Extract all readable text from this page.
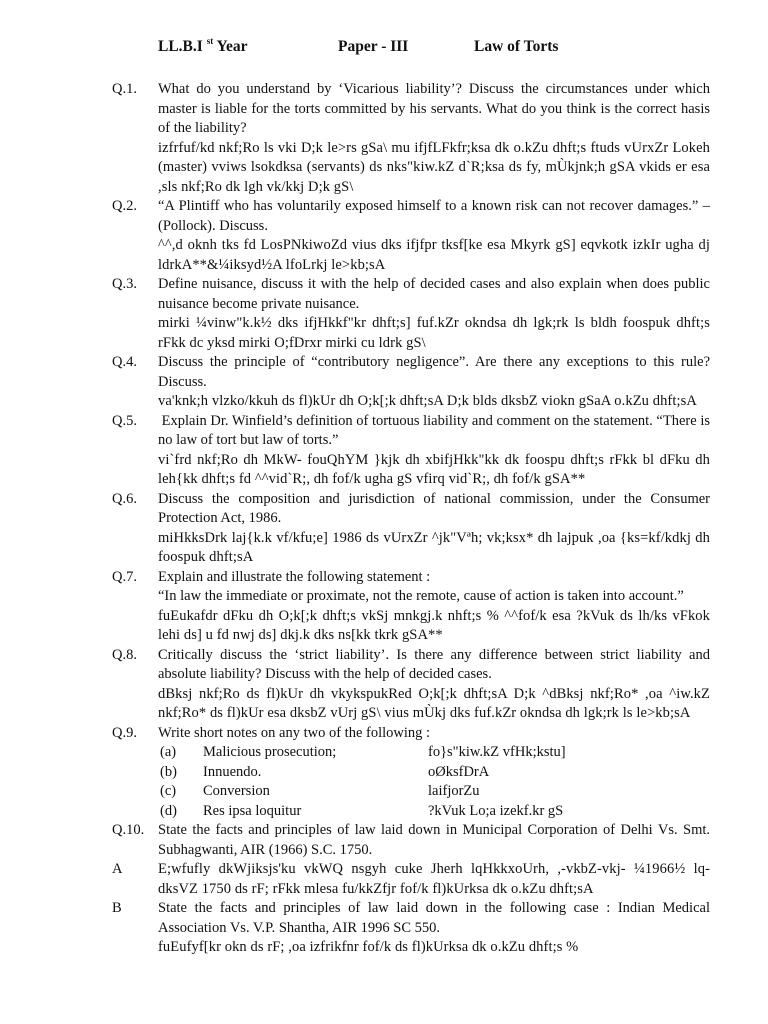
LL.B.I $^{st}$ Year	Paper - III	Law of Torts
Q.1. What do you understand by ‘Vicarious liability’? Discuss the circumstances under which master is liable for the torts committed by his servants. What do you think is the correct hasis of the liability?

izfrfuf/kd nkf;Ro ls vki D;k le>rs gSa\ mu ifjfLFkfr;ksa dk o.kZu dhft;s ftuds vUrxZr Lokeh (master) vviws lsokdksa (servants) ds nks"kiw.kZ d`R;ksa ds fy, mÙkjnk;h gSA vkids er esa ,sls nkf;Ro dk lgh vk/kkj D;k gS\

Q.2. “A Plintiff who has voluntarily exposed himself to a known risk can not recover damages.” – (Pollock). Discuss.

^^,d oknh tks fd LosPNkiwoZd vius dks ifjfpr tksf[ke esa Mkyrk gS] eqvkotk izkIr ugha dj ldrkA**&¼iksyd½A lfoLrkj le>kb;sA

Q.3. Define nuisance, discuss it with the help of decided cases and also explain when does public nuisance become private nuisance.

mirki ¼vinw"k.k½ dks ifjHkkf"kr dhft;s] fuf.kZr okndsa dh lgk;rk ls bldh foospuk dhft;s rFkk dc yksd mirki O;fDrxr mirki cu ldrk gS\

Q.4. Discuss the principle of “contributory negligence”. Are there any exceptions to this rule? Discuss.

va'knk;h vlzko/kkuh ds fl)kUr dh O;k[;k dhft;sA D;k blds dksbZ viokn gSaA o.kZu dhft;sA

Q.5. Explain Dr. Winfield’s definition of tortuous liability and comment on the statement. “There is no law of tort but law of torts.”

vi`frd nkf;Ro dh MkW- fouQhYM }kjk dh xbifjHkk"kk dk foospu dhft;s rFkk bl dFku dh leh{kk dhft;s fd ^^vid`R;, dh fof/k ugha gS vfirq vid`R;, dh fof/k gSA**

Q.6. Discuss the composition and jurisdiction of national commission, under the Consumer Protection Act, 1986.

miHkksDrk laj{k.k vf/kfu;e] 1986 ds vUrxZr ^jk"Vªh; vk;ksx* dh lajpuk ,oa {ks=kf/kdkj dh foospuk dhft;sA

Q.7. Explain and illustrate the following statement :

“In law the immediate or proximate, not the remote, cause of action is taken into account.”

fuEukafdr dFku dh O;k[;k dhft;s vkSj mnkgj.k nhft;s % ^^fof/k esa ?kVuk ds lh/ks vFkok lehi ds] u fd nwj ds] dkj.k dks ns[kk tkrk gSA**

Q.8. Critically discuss the ‘strict liability’. Is there any difference between strict liability and absolute liability? Discuss with the help of decided cases.

dBksj nkf;Ro ds fl)kUr dh vkykspukRed O;k[;k dhft;sA D;k ^dBksj nkf;Ro* ,oa ^iw.kZ nkf;Ro* ds fl)kUr esa dksbZ vUrj gS\ vius mÙkj dks fuf.kZr okndsa dh lgk;rk ls le>kb;sA

Q.9. Write short notes on any two of the following :

(a) Malicious prosecution;	fo}s"kiw.kZ vfHk;kstu]
(b) Innuendo.	oØksfDrA
(c) Conversion	laifjorZu
(d) Res ipsa loquitur	?kVuk Lo;a izekf.kr gS
Q.10. State the facts and principles of law laid down in Municipal Corporation of Delhi Vs. Smt. Subhagwanti, AIR (1966) S.C. 1750.

A E;wfufly dkWjiksjs'ku vkWQ nsgyh cuke Jherh lqHkkxoUrh, ,-vkbZ-vkj- ¼1966½ lq- dksVZ 1750 ds rF; rFkk mlesa fu/kkZfjr fof/k fl)kUrksa dk o.kZu dhft;sA

B	State the facts and principles of law laid down in the following case : Indian Medical Association Vs. V.P. Shantha, AIR 1996 SC 550.

fuEufyf[kr okn ds rF; ,oa izfrikfnr fof/k ds fl)kUrksa dk o.kZu dhft;s %
